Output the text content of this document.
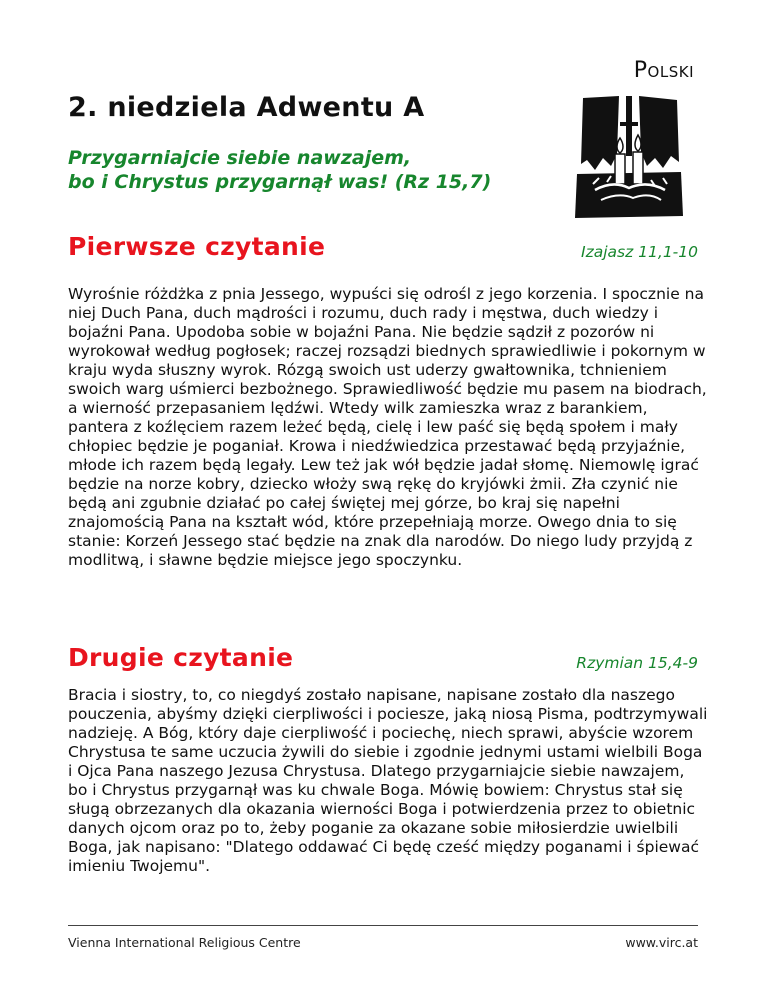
Polski
2. niedziela Adwentu A
Przygarniajcie siebie nawzajem,
bo i Chrystus przygarnął was! (Rz 15,7)
Pierwsze czytanie	Izajasz 11,1-10

Wyrośnie różdżka z pnia Jessego, wypuści się odrośl z jego korzenia. I spocznie na niej Duch Pana, duch mądrości i rozumu, duch rady i męstwa, duch wiedzy i bojaźni Pana. Upodoba sobie w bojaźni Pana. Nie będzie sądził z pozorów ni wyrokował według pogłosek; raczej rozsądzi biednych sprawiedliwie i pokornym w kraju wyda słuszny wyrok. Rózgą swoich ust uderzy gwałtownika, tchnieniem swoich warg uśmierci bezbożnego. Sprawiedliwość będzie mu pasem na biodrach, a wierność przepasaniem lędźwi. Wtedy wilk zamieszka wraz z barankiem, pantera z koźlęciem razem leżeć będą, cielę i lew paść się będą społem i mały chłopiec będzie je poganiał. Krowa i niedźwiedzica przestawać będą przyjaźnie, młode ich razem będą legały. Lew też jak wół będzie jadał słomę. Niemowlę igrać będzie na norze kobry, dziecko włoży swą rękę do kryjówki żmii. Zła czynić nie będą ani zgubnie działać po całej świętej mej górze, bo kraj się napełni znajomością Pana na kształt wód, które przepełniają morze. Owego dnia to się stanie: Korzeń Jessego stać będzie na znak dla narodów. Do niego ludy przyjdą z modlitwą, i sławne będzie miejsce jego spoczynku.

Drugie czytanie	Rzymian 15,4-9

Bracia i siostry, to, co niegdyś zostało napisane, napisane zostało dla naszego pouczenia, abyśmy dzięki cierpliwości i pociesze, jaką niosą Pisma, podtrzymywali nadzieję. A Bóg, który daje cierpliwość i pociechę, niech sprawi, abyście wzorem Chrystusa te same uczucia żywili do siebie i zgodnie jednymi ustami wielbili Boga i Ojca Pana naszego Jezusa Chrystusa. Dlatego przygarniajcie siebie nawzajem, bo i Chrystus przygarnął was ku chwale Boga. Mówię bowiem: Chrystus stał się sługą obrzezanych dla okazania wierności Boga i potwierdzenia przez to obietnic danych ojcom oraz po to, żeby poganie za okazane sobie miłosierdzie uwielbili Boga, jak napisano: "Dlatego oddawać Ci będę cześć między poganami i śpiewać imieniu Twojemu".

Vienna International Religious Centre	www.virc.at
